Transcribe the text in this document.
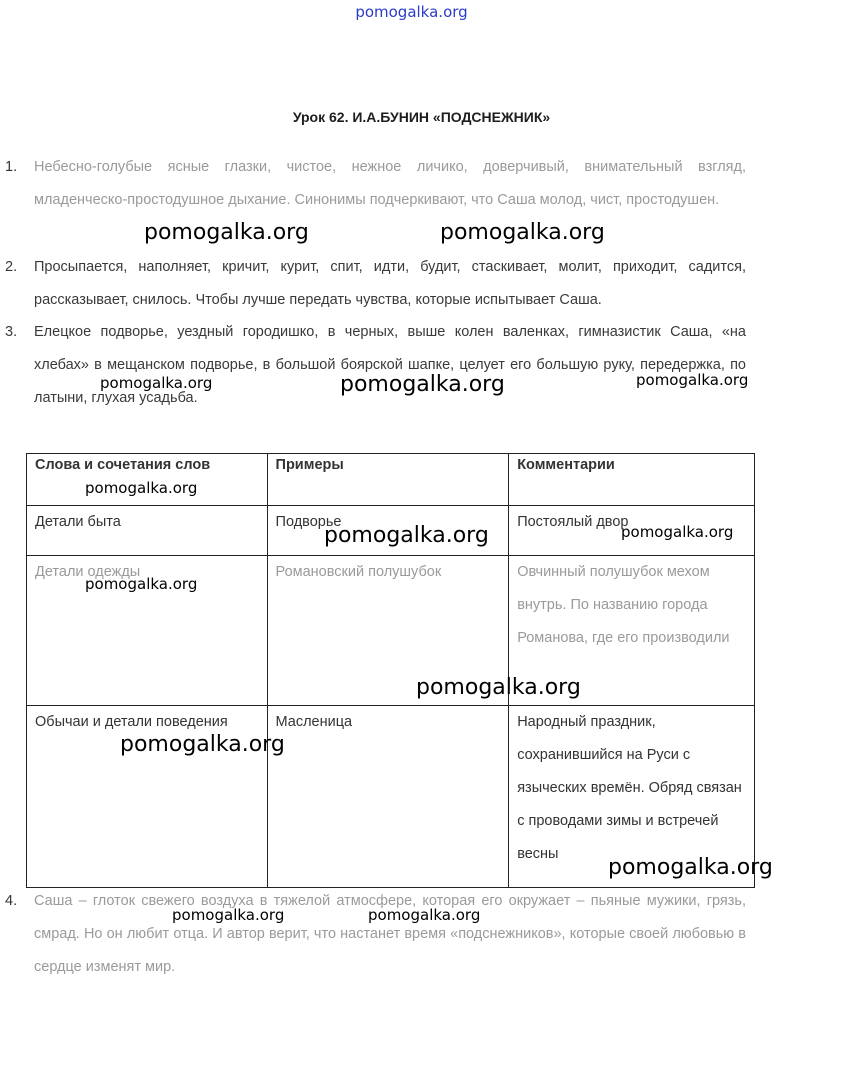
pomogalka.org
Урок 62. И.А.БУНИН «ПОДСНЕЖНИК»
1. Небесно-голубые ясные глазки, чистое, нежное личико, доверчивый, внимательный взгляд, младенческо-простодушное дыхание. Синонимы подчеркивают, что Саша молод, чист, простодушен.
2. Просыпается, наполняет, кричит, курит, спит, идти, будит, стаскивает, молит, приходит, садится, рассказывает, снилось. Чтобы лучше передать чувства, которые испытывает Саша.
3. Елецкое подворье, уездный городишко, в черных, выше колен валенках, гимназистик Саша, «на хлебах» в мещанском подворье, в большой боярской шапке, целует его большую руку, передержка, по латыни, глухая усадьба.
Слова и сочетания слов	Примеры	Комментарии
Детали быта	Подворье	Постоялый двор
Детали одежды	Романовский полушубок	Овчинный полушубок мехом внутрь. По названию города Романова, где его производили
Обычаи и детали поведения	Масленица	Народный праздник, сохранившийся на Руси с языческих времён. Обряд связан с проводами зимы и встречей весны
4. Саша – глоток свежего воздуха в тяжелой атмосфере, которая его окружает – пьяные мужики, грязь, смрад. Но он любит отца. И автор верит, что настанет время «подснежников», которые своей любовью в сердце изменят мир.
pomogalka.org	pomogalka.org
pomogalka.org	pomogalka.org	pomogalka.org
pomogalka.org
pomogalka.org	pomogalka.org
pomogalka.org
pomogalka.org
pomogalka.org
pomogalka.org
pomogalka.org	pomogalka.org
